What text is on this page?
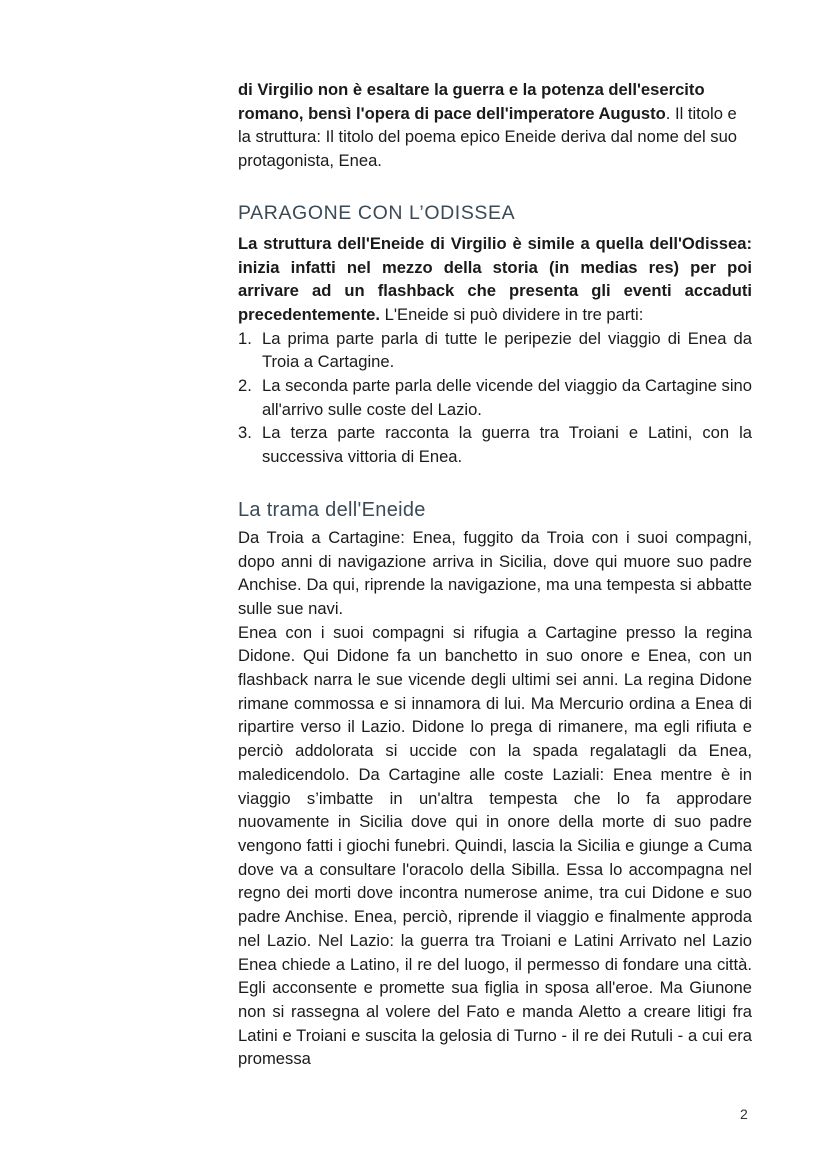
di Virgilio non è esaltare la guerra e la potenza dell'esercito romano, bensì l'opera di pace dell'imperatore Augusto. Il titolo e la struttura: Il titolo del poema epico Eneide deriva dal nome del suo protagonista, Enea.

PARAGONE CON L’ODISSEA

La struttura dell'Eneide di Virgilio è simile a quella dell'Odissea: inizia infatti nel mezzo della storia (in medias res) per poi arrivare ad un flashback che presenta gli eventi accaduti precedentemente. L'Eneide si può dividere in tre parti:

1. La prima parte parla di tutte le peripezie del viaggio di Enea da Troia a Cartagine.
2. La seconda parte parla delle vicende del viaggio da Cartagine sino all'arrivo sulle coste del Lazio.
3. La terza parte racconta la guerra tra Troiani e Latini, con la successiva vittoria di Enea.
La trama dell'Eneide

Da Troia a Cartagine: Enea, fuggito da Troia con i suoi compagni, dopo anni di navigazione arriva in Sicilia, dove qui muore suo padre Anchise. Da qui, riprende la navigazione, ma una tempesta si abbatte sulle sue navi.

Enea con i suoi compagni si rifugia a Cartagine presso la regina Didone. Qui Didone fa un banchetto in suo onore e Enea, con un flashback narra le sue vicende degli ultimi sei anni. La regina Didone rimane commossa e si innamora di lui. Ma Mercurio ordina a Enea di ripartire verso il Lazio. Didone lo prega di rimanere, ma egli rifiuta e perciò addolorata si uccide con la spada regalatagli da Enea, maledicendolo. Da Cartagine alle coste Laziali: Enea mentre è in viaggio s’imbatte in un'altra tempesta che lo fa approdare nuovamente in Sicilia dove qui in onore della morte di suo padre vengono fatti i giochi funebri. Quindi, lascia la Sicilia e giunge a Cuma dove va a consultare l'oracolo della Sibilla. Essa lo accompagna nel regno dei morti dove incontra numerose anime, tra cui Didone e suo padre Anchise. Enea, perciò, riprende il viaggio e finalmente approda nel Lazio. Nel Lazio: la guerra tra Troiani e Latini Arrivato nel Lazio Enea chiede a Latino, il re del luogo, il permesso di fondare una città. Egli acconsente e promette sua figlia in sposa all'eroe. Ma Giunone non si rassegna al volere del Fato e manda Aletto a creare litigi fra Latini e Troiani e suscita la gelosia di Turno - il re dei Rutuli - a cui era promessa

2
